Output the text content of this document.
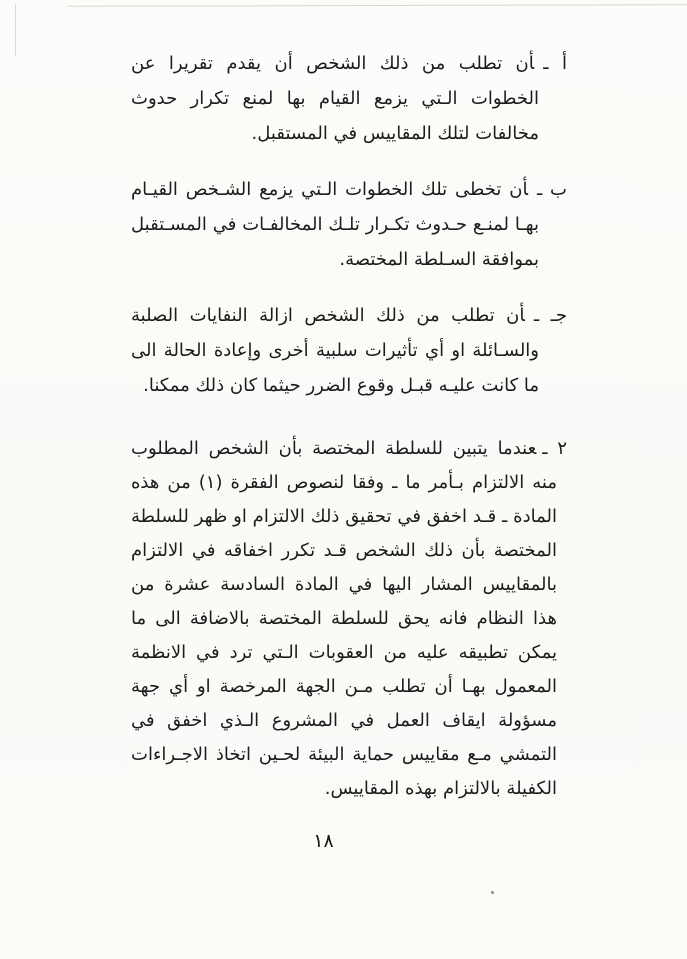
أ ـأن تطلب من ذلك الشخص أن يقدم تقريرا عن الخطوات الـتي يزمع القيام بها لمنع تكرار حدوث مخالفات لتلك المقاييس في المستقبل.

ب ـأن تخطى تلك الخطوات الـتي يزمع الشـخص القيـام بهـا لمنـع حـدوث تكـرار تلـك المخالفـات في المسـتقبل بموافقة السـلطة المختصة.

جـ ـأن تطلب من ذلك الشخص ازالة النفايات الصلبة والسـائلة او أي تأثيرات سلبية أخرى وإعادة الحالة الى ما كانت عليـه قبـل وقوع الضرر حيثما كان ذلك ممكنا.

٢ ـعندما يتبين للسلطة المختصة بأن الشخص المطلوب منه الالتزام بـأمر ما ـ وفقا لنصوص الفقرة (١) من هذه المادة ـ قـد اخفق في تحقيق ذلك الالتزام او ظهر للسلطة المختصة بأن ذلك الشخص قـد تكرر اخفاقه في الالتزام بالمقاييس المشار اليها في المادة السادسة عشرة من هذا النظام فانه يحق للسلطة المختصة بالاضافة الى ما يمكن تطبيقه عليه من العقوبات الـتي ترد في الانظمة المعمول بهـا أن تطلب مـن الجهة المرخصة او أي جهة مسؤولة ايقاف العمل في المشروع الـذي اخفق في التمشي مـع مقاييس حماية البيئة لحـين اتخاذ الاجـراءات الكفيلة بالالتزام بهذه المقاييس.

١٨
